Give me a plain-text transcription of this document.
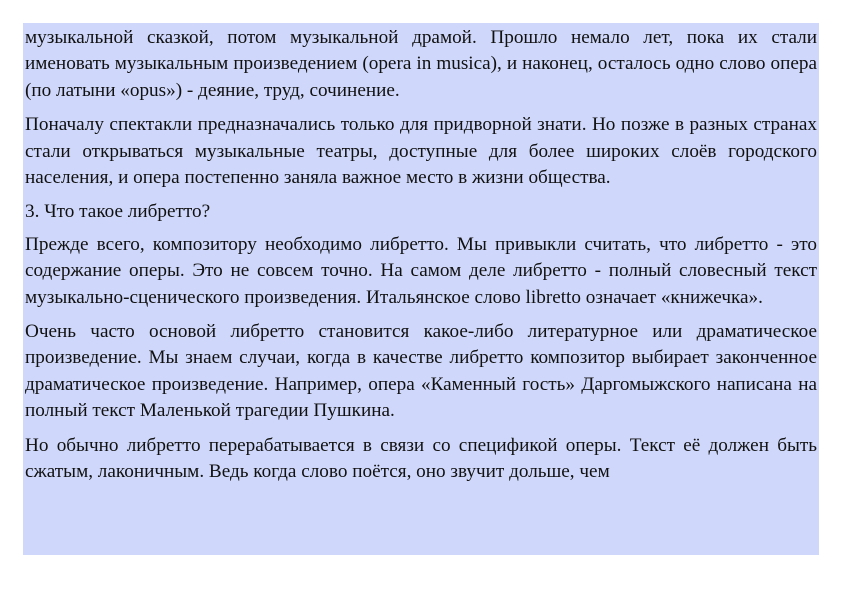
музыкальной сказкой, потом музыкальной драмой. Прошло немало лет, пока их стали именовать музыкальным произведением (opera in musica), и наконец, осталось одно слово опера (по латыни «opus») - деяние, труд, сочинение.

Поначалу спектакли предназначались только для придворной знати. Но позже в разных странах стали открываться музыкальные театры, доступные для более широких слоёв городского населения, и опера постепенно заняла важное место в жизни общества.

3. Что такое либретто?

Прежде всего, композитору необходимо либретто. Мы привыкли считать, что либретто - это содержание оперы. Это не совсем точно. На самом деле либретто - полный словесный текст музыкально-сценического произведения. Итальянское слово libretto означает «книжечка».

Очень часто основой либретто становится какое-либо литературное или драматическое произведение. Мы знаем случаи, когда в качестве либретто композитор выбирает законченное драматическое произведение. Например, опера «Каменный гость» Даргомыжского написана на полный текст Маленькой трагедии Пушкина.

Но обычно либретто перерабатывается в связи со спецификой оперы. Текст её должен быть сжатым, лаконичным. Ведь когда слово поётся, оно звучит дольше, чем
